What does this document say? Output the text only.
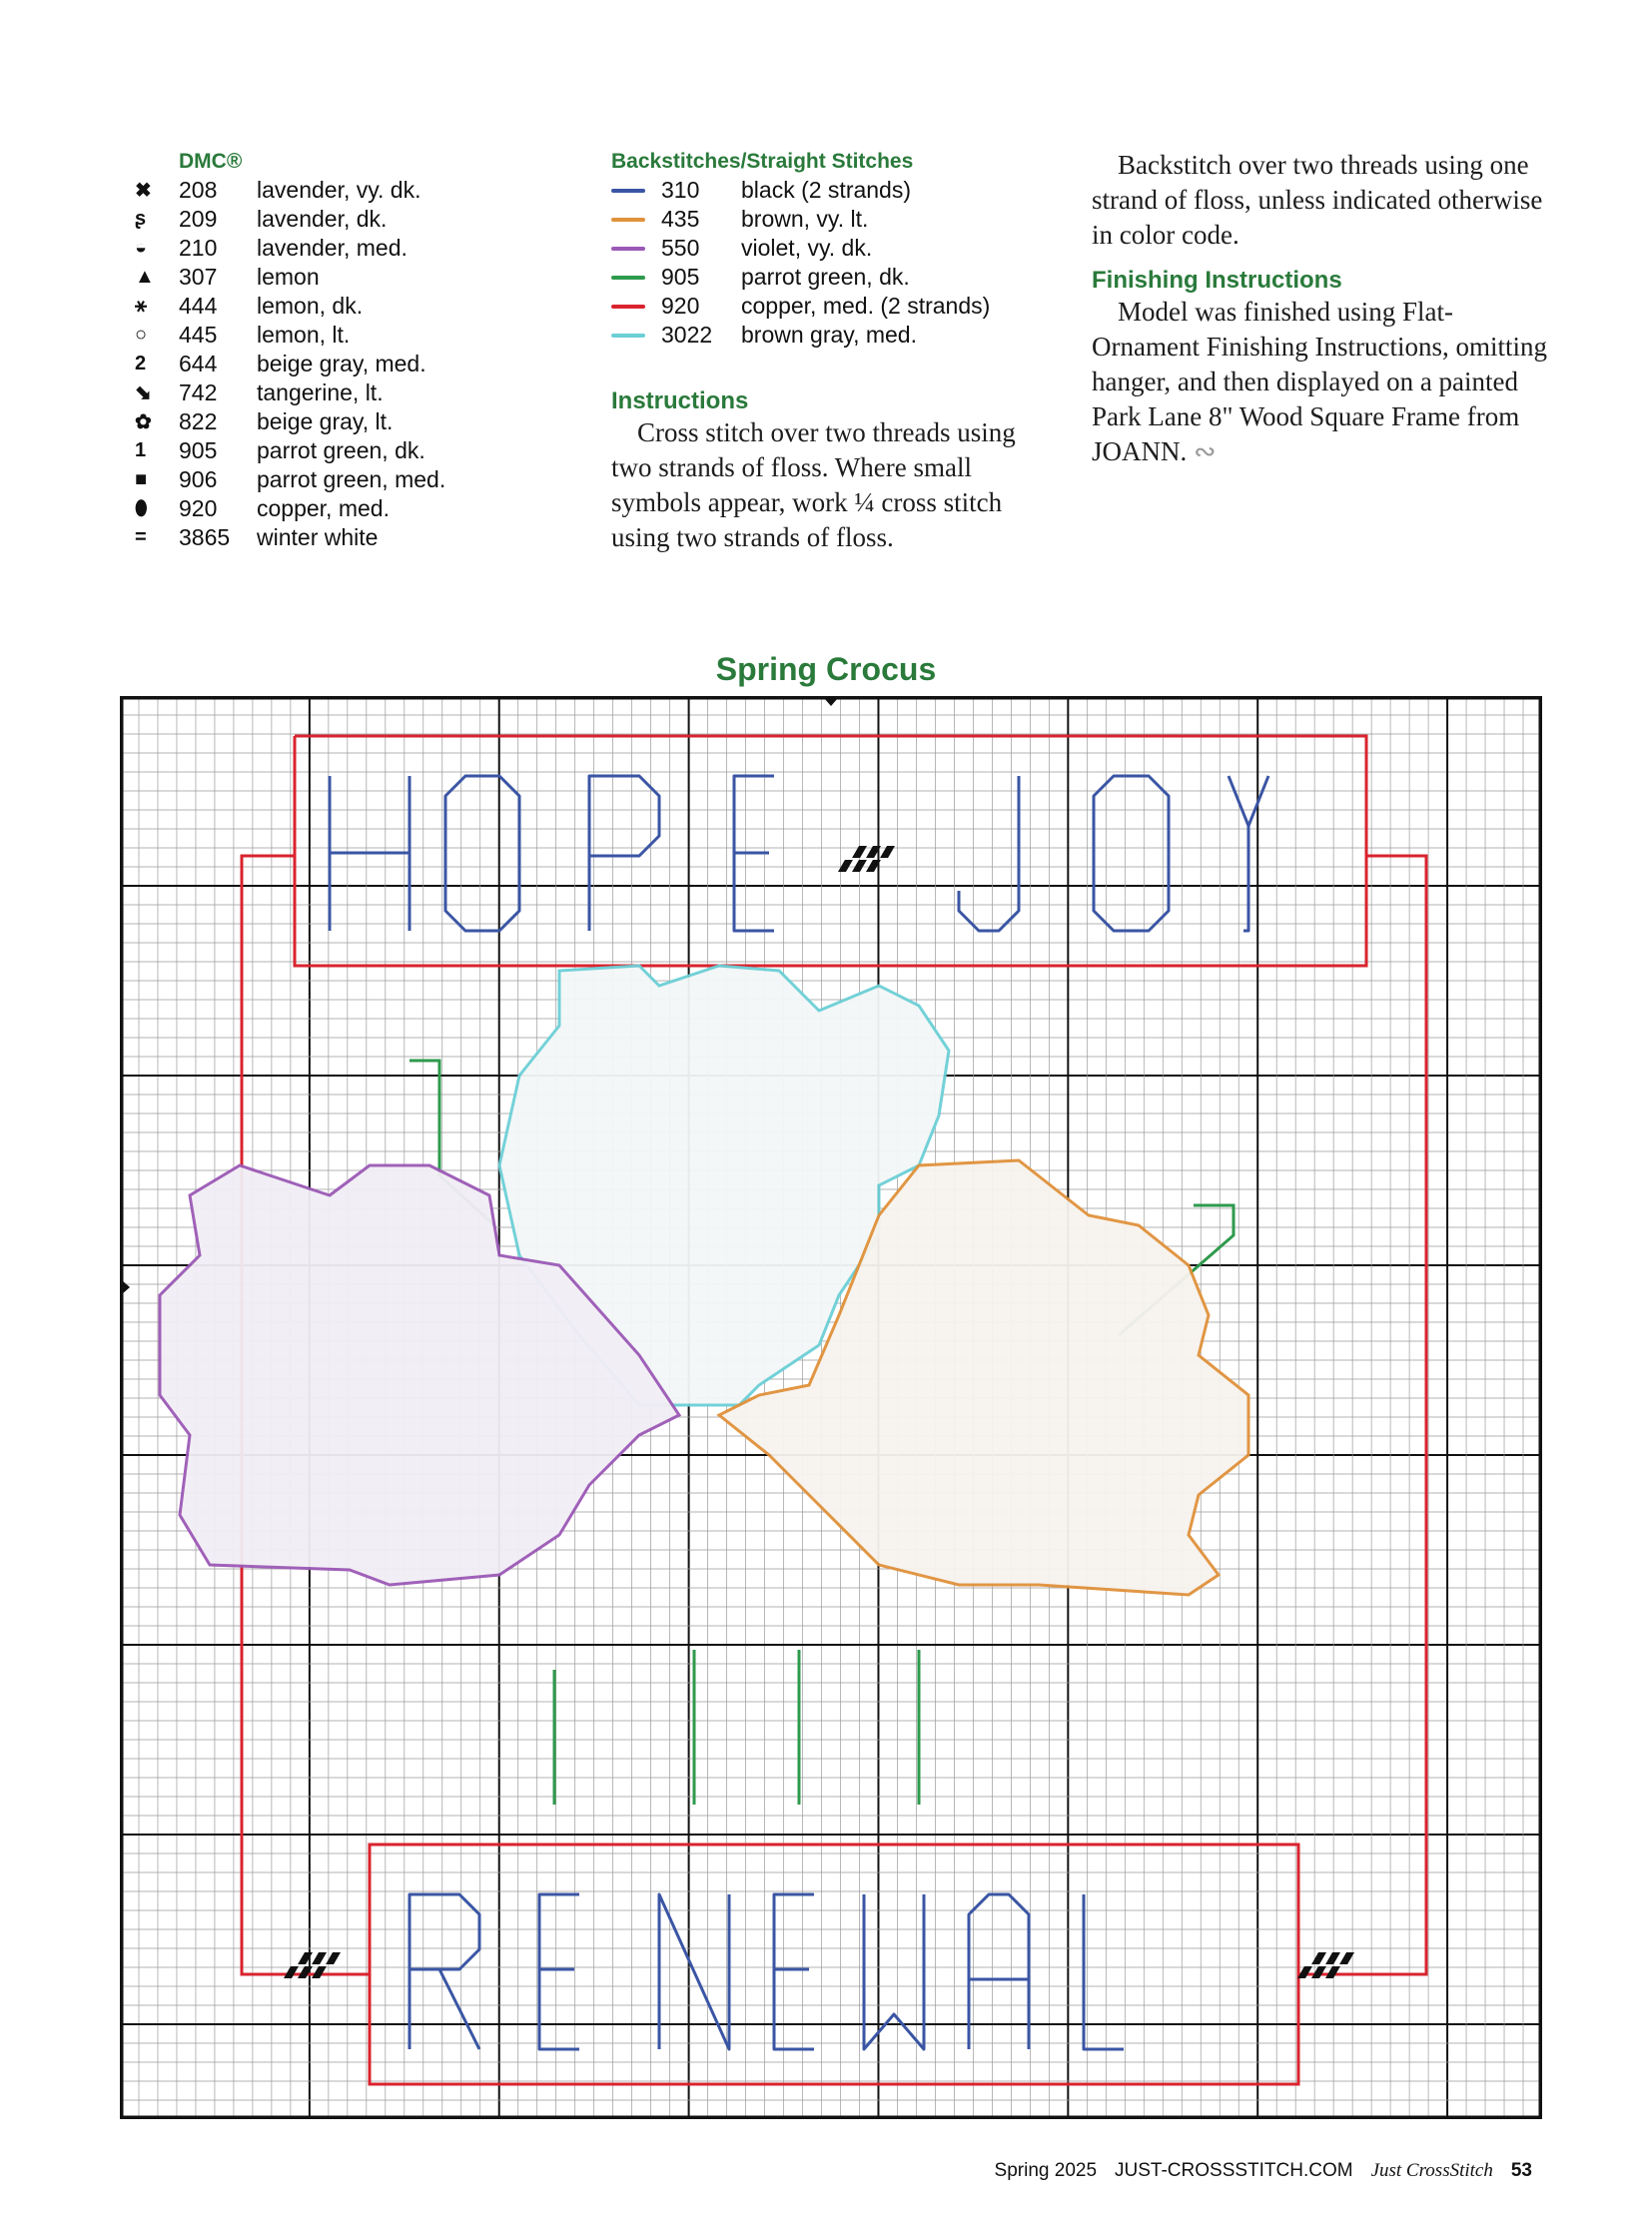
DMC®
✖	208	lavender, vy. dk.
ʂ	209	lavender, dk.
◒	210	lavender, med.
▲	307	lemon
⚹	444	lemon, dk.
○	445	lemon, lt.
2	644	beige gray, med.
⬊	742	tangerine, lt.
✿	822	beige gray, lt.
1	905	parrot green, dk.
■	906	parrot green, med.
⬮	920	copper, med.
=	3865	winter white
Backstitches/Straight Stitches
310	black (2 strands)
435	brown, vy. lt.
550	violet, vy. dk.
905	parrot green, dk.
920	copper, med. (2 strands)
3022	brown gray, med.
Instructions
Cross stitch over two threads using two strands of floss. Where small symbols appear, work ¼ cross stitch using two strands of floss.
Backstitch over two threads using one strand of floss, unless indicated otherwise in color code.
Finishing Instructions
Model was finished using Flat-Ornament Finishing Instructions, omitting hanger, and then displayed on a painted Park Lane 8" Wood Square Frame from JOANN. ∾
Spring Crocus
Spring 2025 JUST-CROSSSTITCH.COM Just CrossStitch 53
